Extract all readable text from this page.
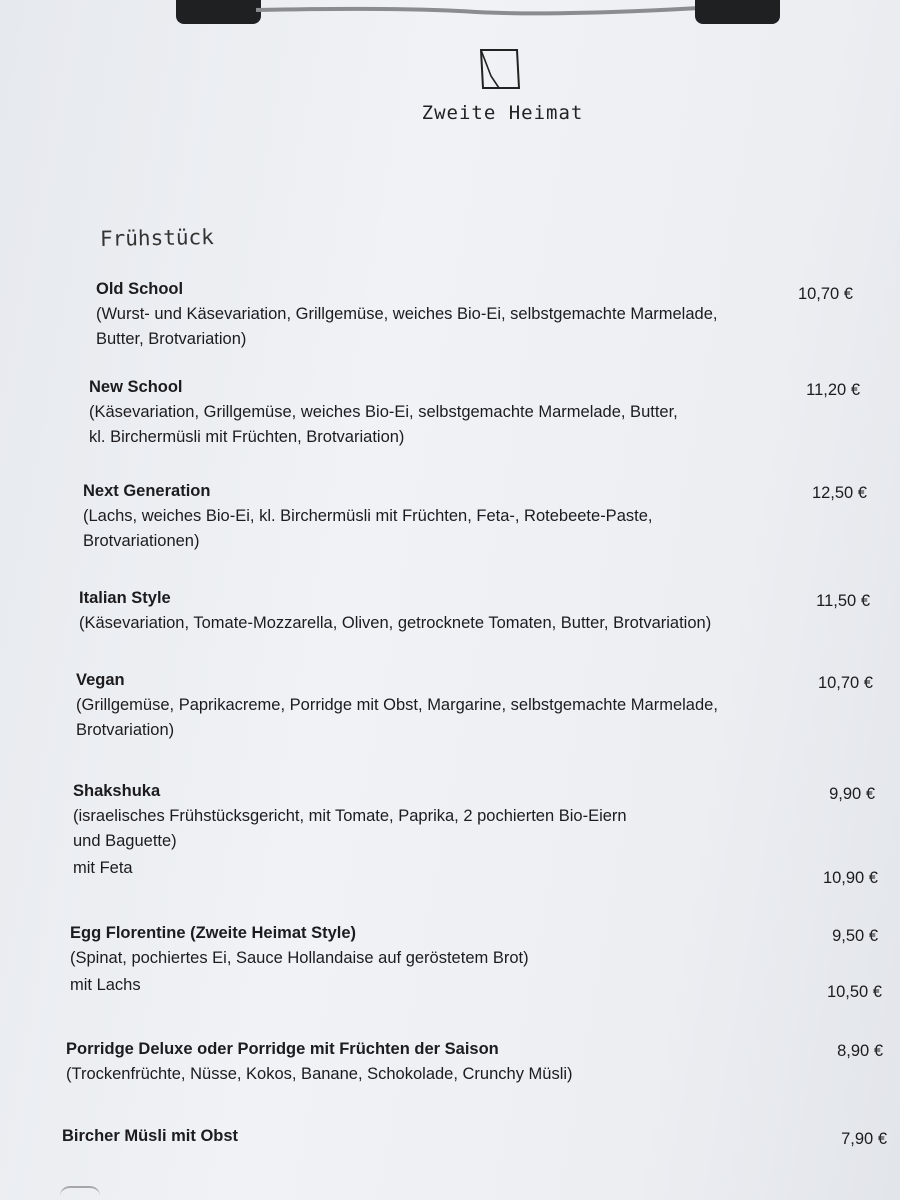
Zweite Heimat
Frühstück
Old School
(Wurst- und Käsevariation, Grillgemüse, weiches Bio-Ei, selbstgemachte Marmelade,
Butter, Brotvariation)
10,70 €
New School
(Käsevariation, Grillgemüse, weiches Bio-Ei, selbstgemachte Marmelade, Butter,
kl. Birchermüsli mit Früchten, Brotvariation)
11,20 €
Next Generation
(Lachs, weiches Bio-Ei, kl. Birchermüsli mit Früchten, Feta-, Rotebeete-Paste,
Brotvariationen)
12,50 €
Italian Style
(Käsevariation, Tomate-Mozzarella, Oliven, getrocknete Tomaten, Butter, Brotvariation)
11,50 €
Vegan
(Grillgemüse, Paprikacreme, Porridge mit Obst, Margarine, selbstgemachte Marmelade,
Brotvariation)
10,70 €
Shakshuka
(israelisches Frühstücksgericht, mit Tomate, Paprika, 2 pochierten Bio-Eiern
und Baguette)
mit Feta
9,90 €
10,90 €
Egg Florentine (Zweite Heimat Style)
(Spinat, pochiertes Ei, Sauce Hollandaise auf geröstetem Brot)
mit Lachs
9,50 €
10,50 €
Porridge Deluxe oder Porridge mit Früchten der Saison
(Trockenfrüchte, Nüsse, Kokos, Banane, Schokolade, Crunchy Müsli)
8,90 €
Bircher Müsli mit Obst	7,90 €
